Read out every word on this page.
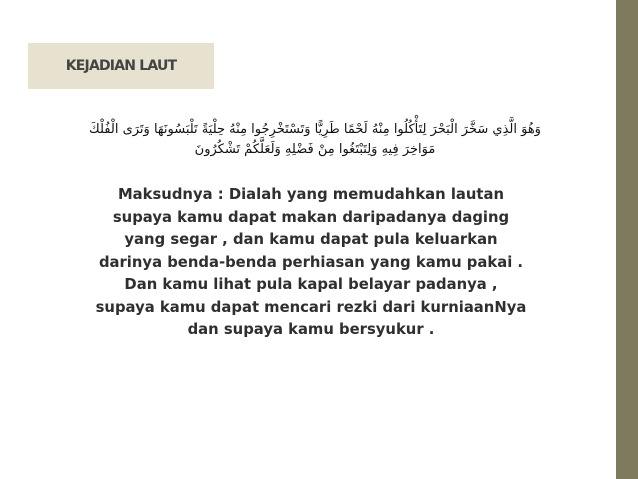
KEJADIAN LAUT
وَهُوَ الَّذِي سَخَّرَ الْبَحْرَ لِتَأْكُلُوا مِنْهُ لَحْمًا طَرِيًّا وَتَسْتَخْرِجُوا مِنْهُ حِلْيَةً تَلْبَسُونَهَا وَتَرَى الْفُلْكَ
مَوَاخِرَ فِيهِ وَلِتَبْتَغُوا مِنْ فَضْلِهِ وَلَعَلَّكُمْ تَشْكُرُونَ
Maksudnya : Dialah yang memudahkan lautan
supaya kamu dapat makan daripadanya daging
yang segar , dan kamu dapat pula keluarkan
darinya benda-benda perhiasan yang kamu pakai .
Dan kamu lihat pula kapal belayar padanya ,
supaya kamu dapat mencari rezki dari kurniaanNya
dan supaya kamu bersyukur .
